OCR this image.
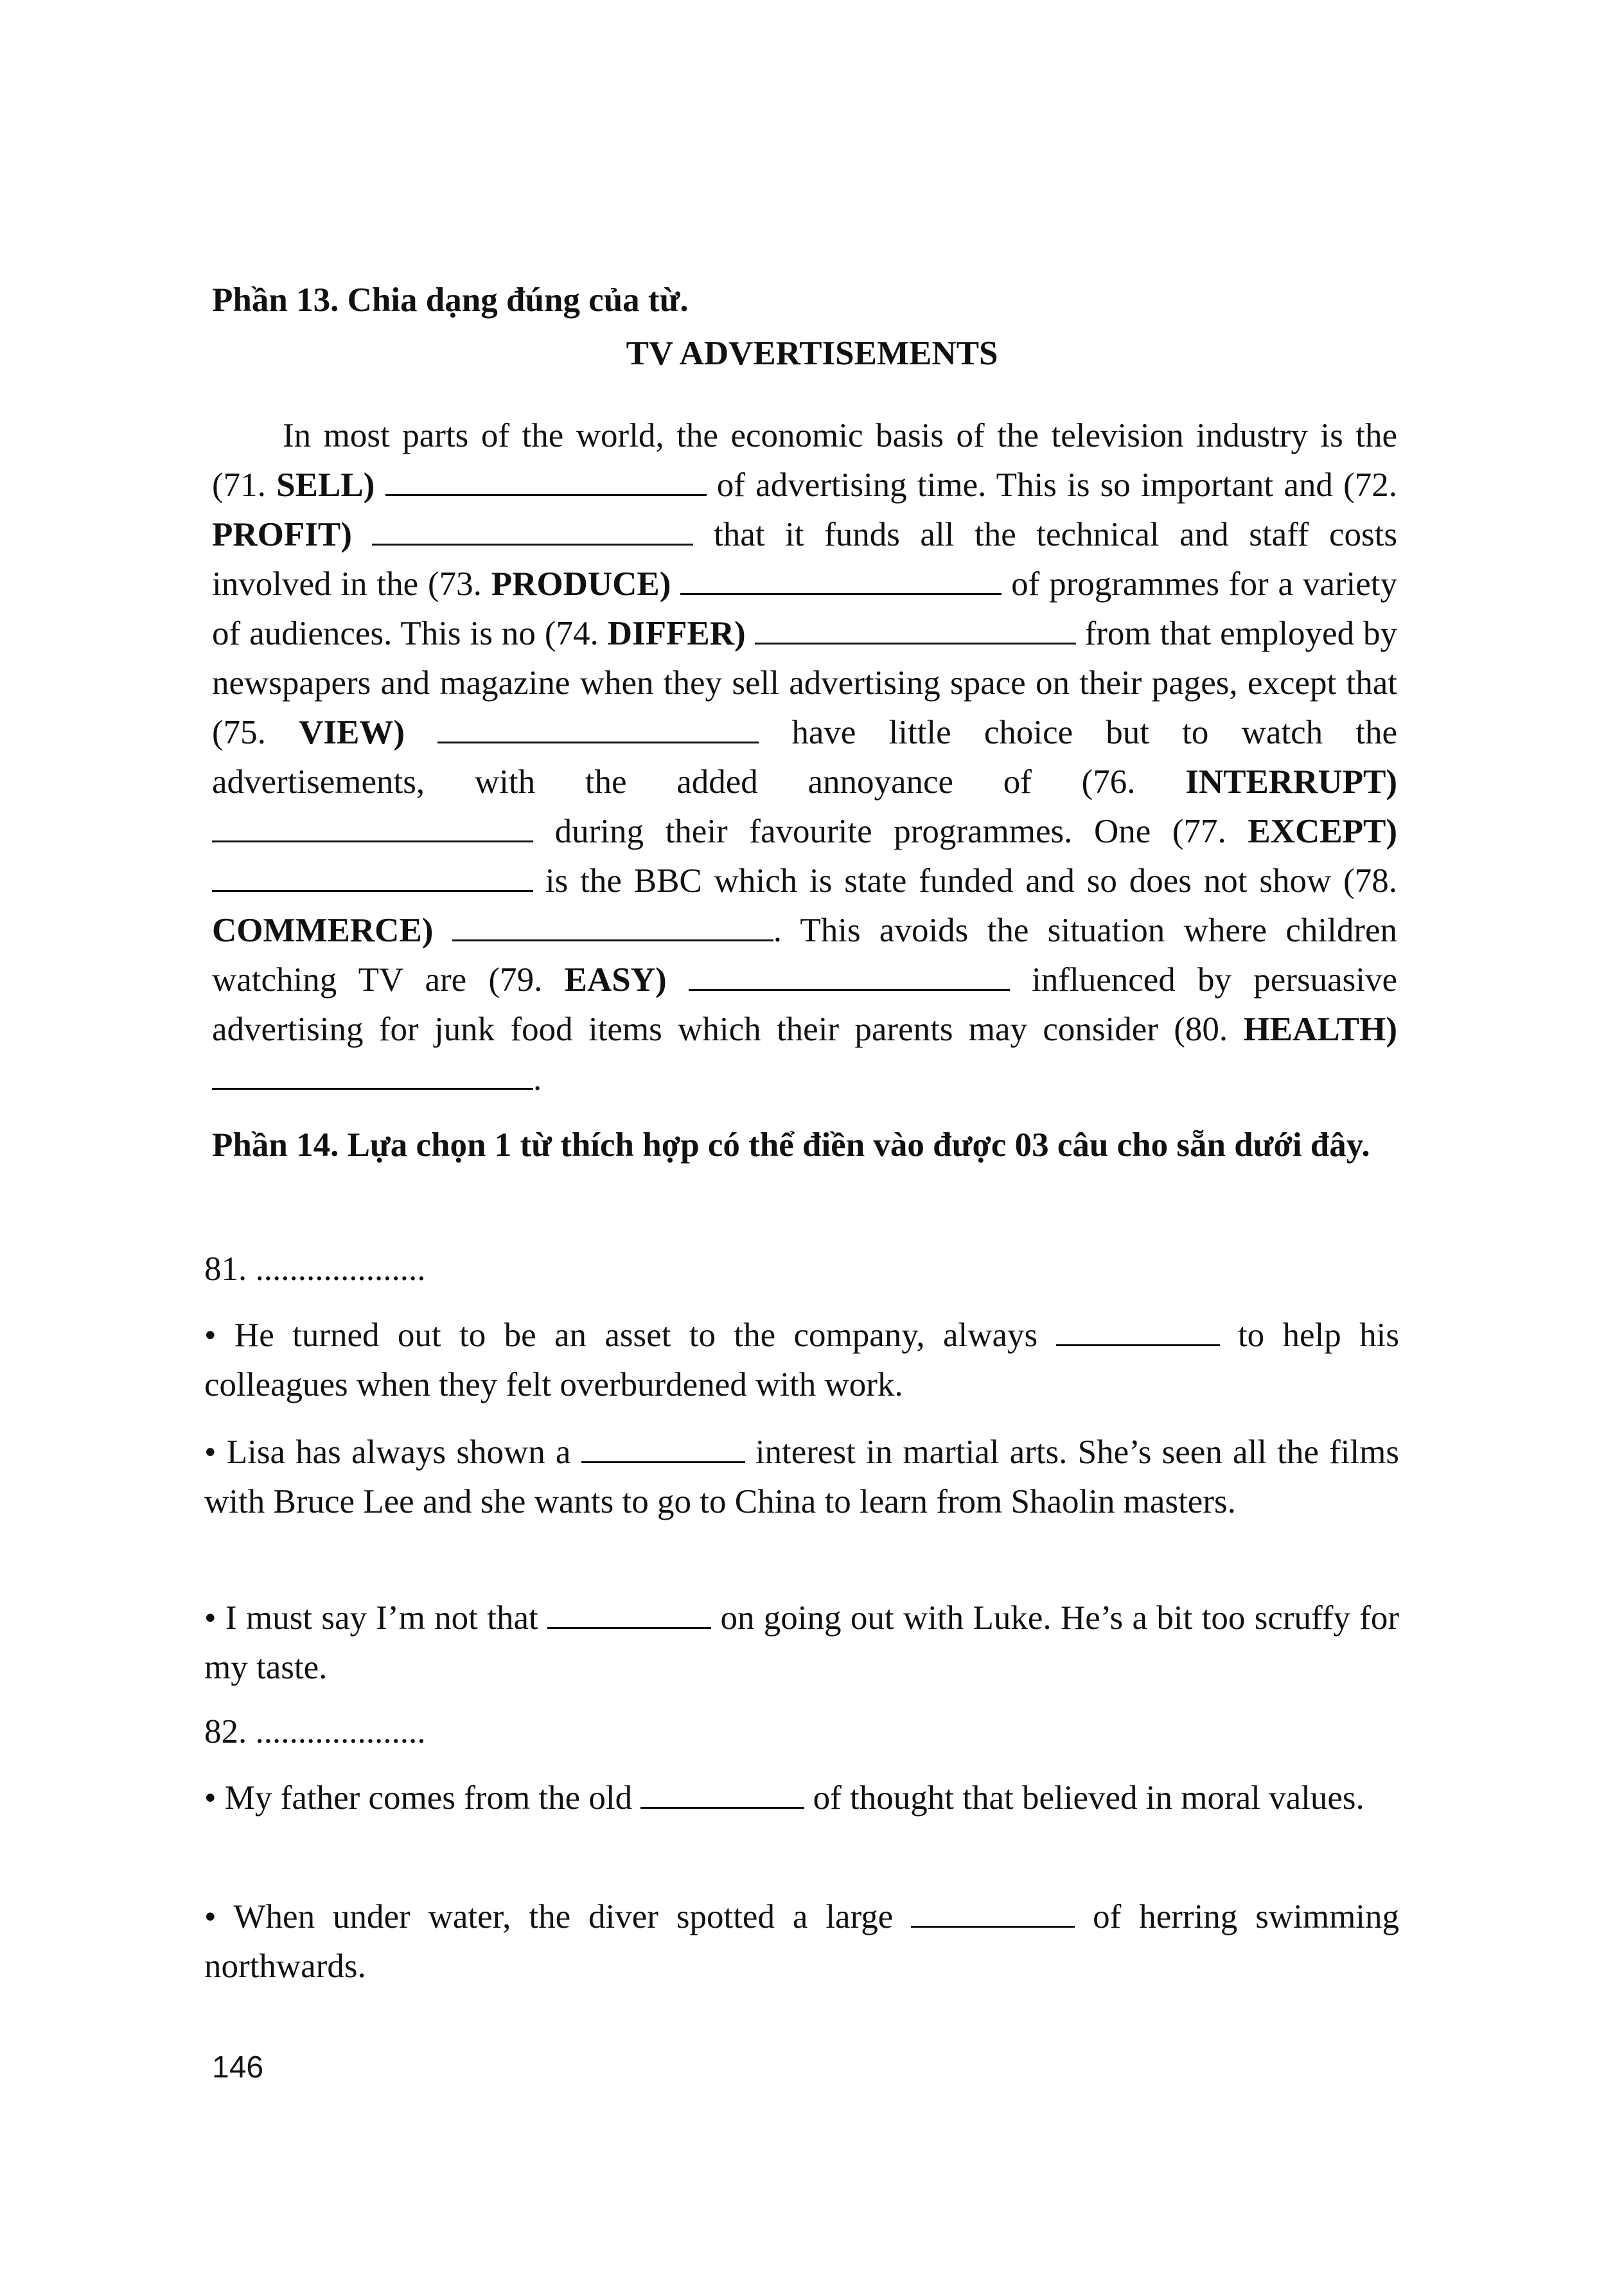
Phần 13. Chia dạng đúng của từ.
TV ADVERTISEMENTS

In most parts of the world, the economic basis of the television industry is the (71. SELL)	of advertising time. This is so important and (72. PROFIT)	that it funds all the technical and staff costs involved in the (73. PRODUCE)	of programmes for a variety of audiences. This is no (74. DIFFER)	from that employed by newspapers and magazine when they sell advertising space on their pages, except that (75. VIEW)	have little choice but to watch the advertisements, with the added annoyance of (76. INTERRUPT)  during their favourite programmes. One (77. EXCEPT)  is the BBC which is state funded and so does not show (78. COMMERCE)	. This avoids the situation where children watching TV are (79. EASY)	influenced by persuasive advertising for junk food items which their parents may consider (80. HEALTH) .

Phần 14. Lựa chọn 1 từ thích hợp có thể điền vào được 03 câu cho sẵn dưới đây.
81. ....................
• He turned out to be an asset to the company, always	to help his colleagues when they felt overburdened with work.
• Lisa has always shown a	interest in martial arts. She’s seen all the films with Bruce Lee and she wants to go to China to learn from Shaolin masters.
• I must say I’m not that	on going out with Luke. He’s a bit too scruffy for my taste.
82. ....................
• My father comes from the old	of thought that believed in moral values.
• When under water, the diver spotted a large	of herring swimming northwards.
146
